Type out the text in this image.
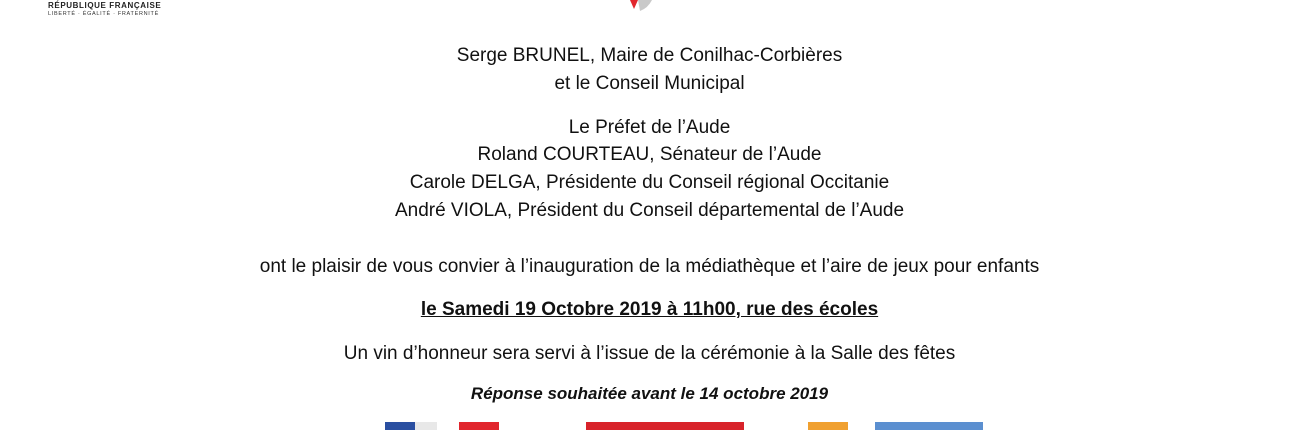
RÉPUBLIQUE FRANÇAISE
LIBERTÉ · ÉGALITÉ · FRATERNITÉ
Serge BRUNEL, Maire de Conilhac-Corbières
et le Conseil Municipal
Le Préfet de l’Aude
Roland COURTEAU, Sénateur de l’Aude
Carole DELGA, Présidente du Conseil régional Occitanie
André VIOLA, Président du Conseil départemental de l’Aude
ont le plaisir de vous convier à l’inauguration de la médiathèque et l’aire de jeux pour enfants
le Samedi 19 Octobre 2019 à 11h00, rue des écoles
Un vin d’honneur sera servi à l’issue de la cérémonie à la Salle des fêtes
Réponse souhaitée avant le 14 octobre 2019
